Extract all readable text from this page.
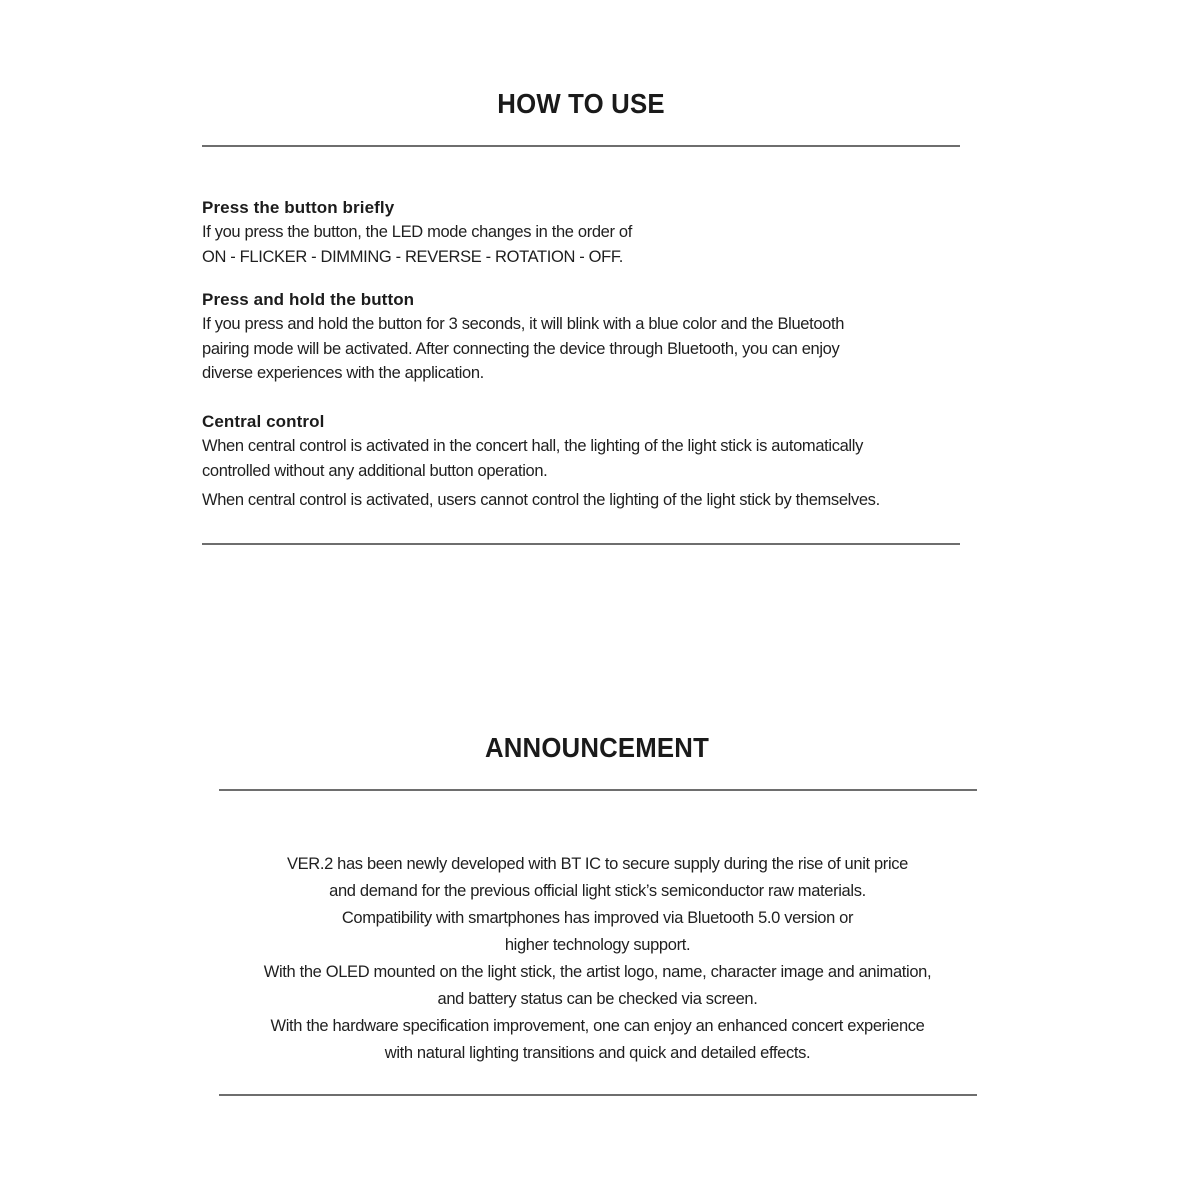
HOW TO USE

Press the button briefly

If you press the button, the LED mode changes in the order of

ON - FLICKER - DIMMING - REVERSE - ROTATION - OFF.

Press and hold the button

If you press and hold the button for 3 seconds, it will blink with a blue color and the Bluetooth

pairing mode will be activated. After connecting the device through Bluetooth, you can enjoy

diverse experiences with the application.

Central control

When central control is activated in the concert hall, the lighting of the light stick is automatically

controlled without any additional button operation.

When central control is activated, users cannot control the lighting of the light stick by themselves.

ANNOUNCEMENT

VER.2 has been newly developed with BT IC to secure supply during the rise of unit price

and demand for the previous official light stick’s semiconductor raw materials.

Compatibility with smartphones has improved via Bluetooth 5.0 version or

higher technology support.

With the OLED mounted on the light stick, the artist logo, name, character image and animation,

and battery status can be checked via screen.

With the hardware specification improvement, one can enjoy an enhanced concert experience

with natural lighting transitions and quick and detailed effects.
